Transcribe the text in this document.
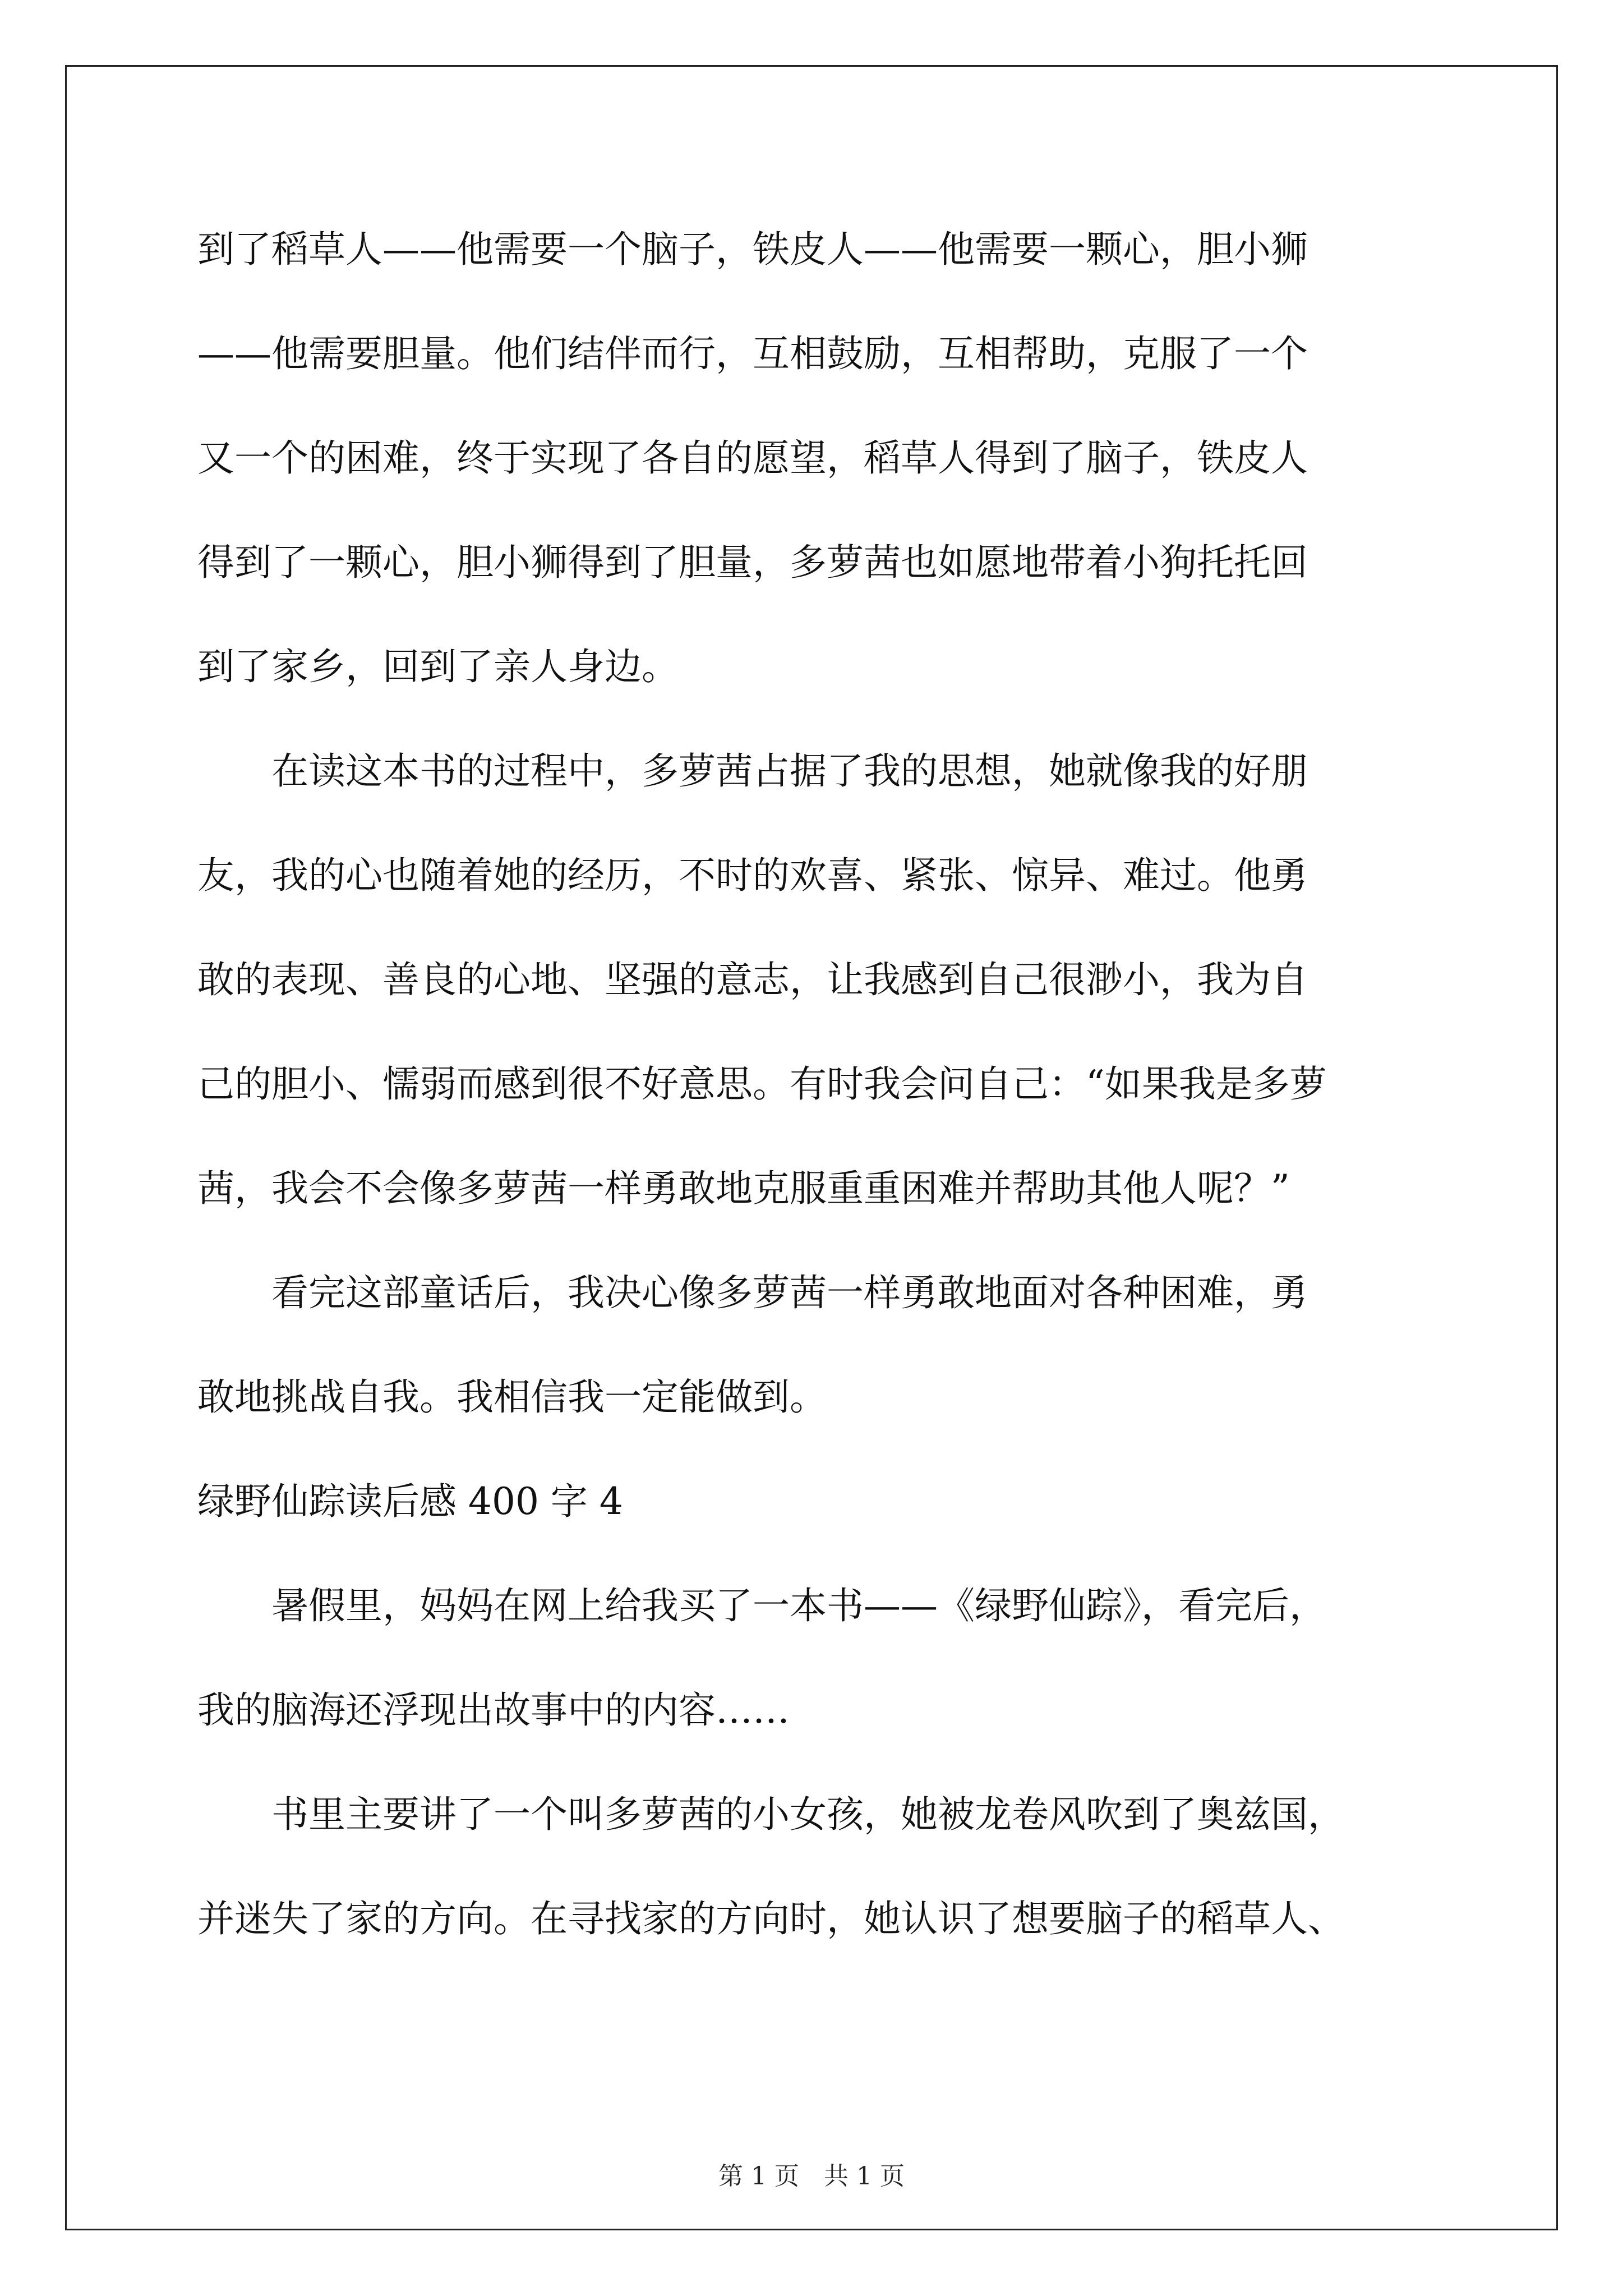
到了稻草人——他需要一个脑子，铁皮人——他需要一颗心，胆小狮
——他需要胆量。他们结伴而行，互相鼓励，互相帮助，克服了一个
又一个的困难，终于实现了各自的愿望，稻草人得到了脑子，铁皮人
得到了一颗心，胆小狮得到了胆量，多萝茜也如愿地带着小狗托托回
到了家乡，回到了亲人身边。
　　在读这本书的过程中，多萝茜占据了我的思想，她就像我的好朋
友，我的心也随着她的经历，不时的欢喜、紧张、惊异、难过。他勇
敢的表现、善良的心地、坚强的意志，让我感到自己很渺小，我为自
己的胆小、懦弱而感到很不好意思。有时我会问自己：“如果我是多萝
茜，我会不会像多萝茜一样勇敢地克服重重困难并帮助其他人呢？”
　　看完这部童话后，我决心像多萝茜一样勇敢地面对各种困难，勇
敢地挑战自我。我相信我一定能做到。
绿野仙踪读后感 400 字 4
　　暑假里，妈妈在网上给我买了一本书——《绿野仙踪》，看完后，
我的脑海还浮现出故事中的内容……
　　书里主要讲了一个叫多萝茜的小女孩，她被龙卷风吹到了奥兹国，
并迷失了家的方向。在寻找家的方向时，她认识了想要脑子的稻草人、
第 1 页　共 1 页
